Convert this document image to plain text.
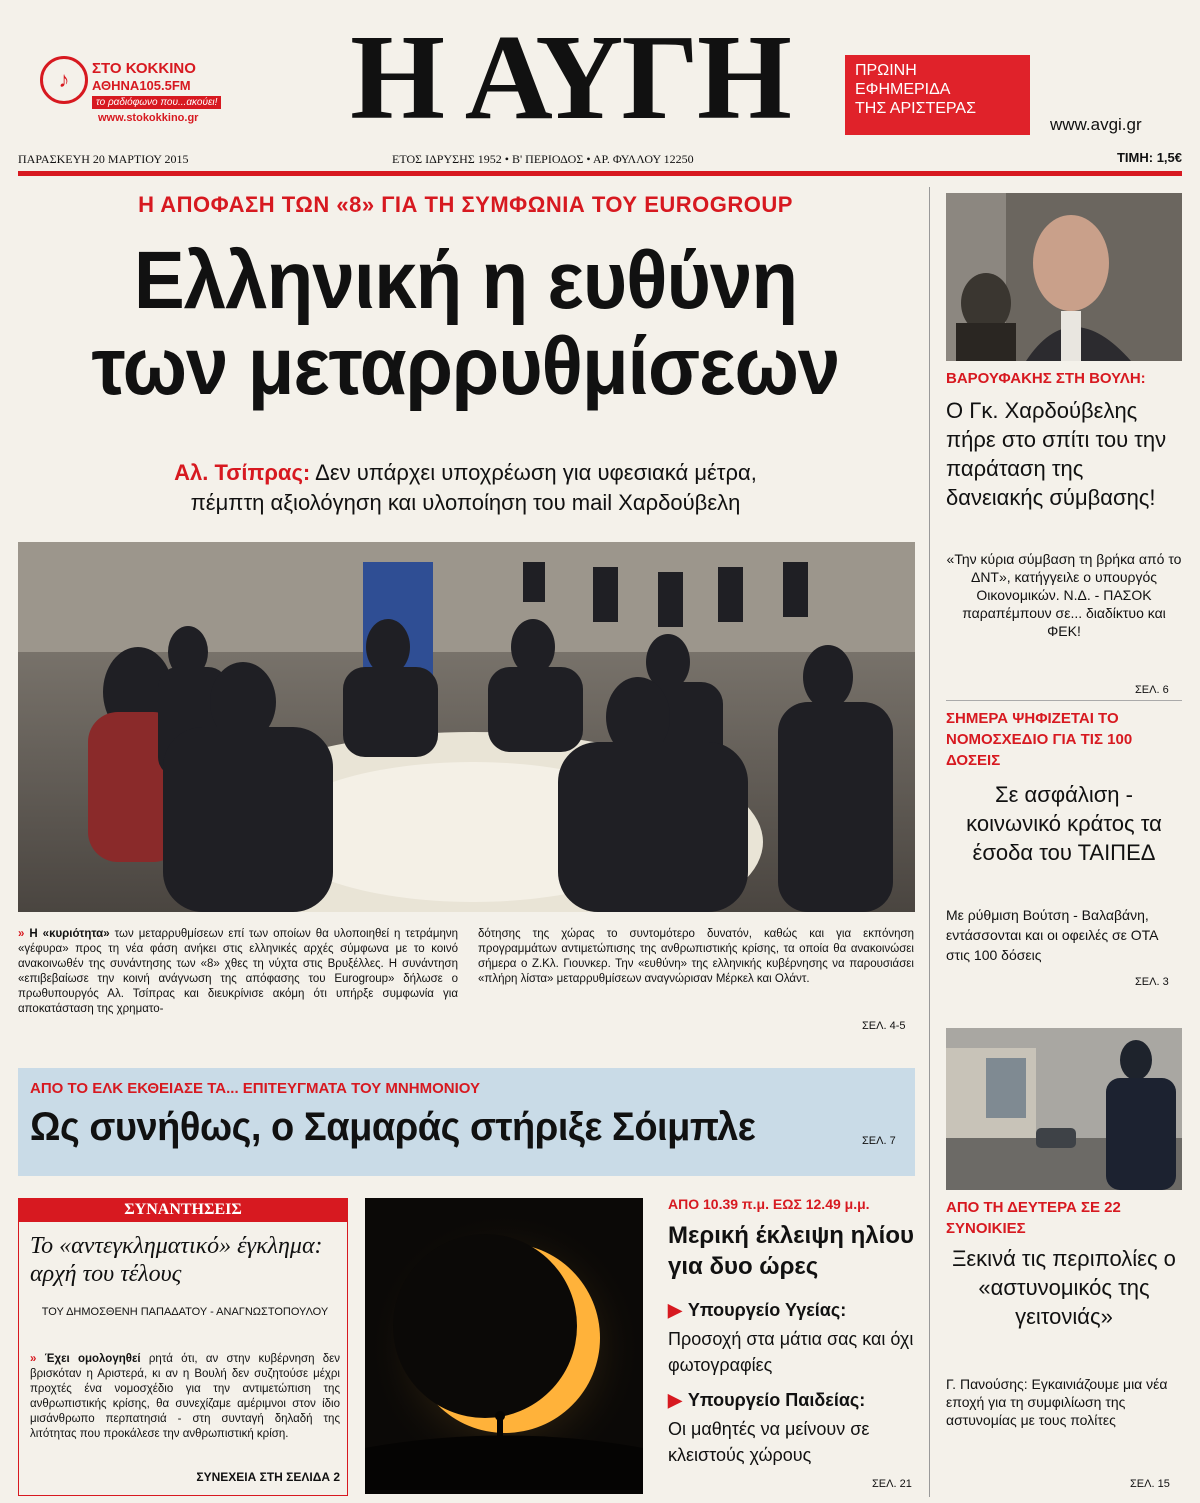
♪	ΣΤΟ ΚΟΚΚΙΝΟ
ΑΘΗΝΑ105.5FM
το ραδιόφωνο που...ακούει!
www.stokokkino.gr	Η ΑΥΓΗ	ΠΡΩΙΝΗ
ΕΦΗΜΕΡΙΔΑ
ΤΗΣ ΑΡΙΣΤΕΡΑΣ
www.avgi.gr
ΠΑΡΑΣΚΕΥΗ 20 ΜΑΡΤΙΟΥ 2015	ΕΤΟΣ ΙΔΡΥΣΗΣ 1952 • Β' ΠΕΡΙΟΔΟΣ • ΑΡ. ΦΥΛΛΟΥ 12250	ΤΙΜΗ: 1,5€
Η ΑΠΟΦΑΣΗ ΤΩΝ «8» ΓΙΑ ΤΗ ΣΥΜΦΩΝΙΑ ΤΟΥ EUROGROUP
Ελληνική η ευθύνη
των μεταρρυθμίσεων
Αλ. Τσίπρας: Δεν υπάρχει υποχρέωση για υφεσιακά μέτρα,
πέμπτη αξιολόγηση και υλοποίηση του mail Χαρδούβελη
» Η «κυριότητα» των μεταρρυθμίσεων επί των οποίων θα υλοποιηθεί η τετράμηνη «γέφυρα» προς τη νέα φάση ανήκει στις ελληνικές αρχές σύμφωνα με το κοινό ανακοινωθέν της συνάντησης των «8» χθες τη νύχτα στις Βρυξέλλες. Η συνάντηση «επιβεβαίωσε την κοινή ανάγνωση της απόφασης του Eurogroup» δήλωσε ο πρωθυπουργός Αλ. Τσίπρας και διευκρίνισε ακόμη ότι υπήρξε συμφωνία για αποκατάσταση της χρηματο-
δότησης της χώρας το συντομότερο δυνατόν, καθώς και για εκπόνηση προγραμμάτων αντιμετώπισης της ανθρωπιστικής κρίσης, τα οποία θα ανακοινώσει σήμερα ο Ζ.Κλ. Γιουνκερ. Την «ευθύνη» της ελληνικής κυβέρνησης να παρουσιάσει «πλήρη λίστα» μεταρρυθμίσεων αναγνώρισαν Μέρκελ και Ολάντ.
ΣΕΛ. 4-5
ΑΠΟ ΤΟ ΕΛΚ ΕΚΘΕΙΑΣΕ ΤΑ... ΕΠΙΤΕΥΓΜΑΤΑ ΤΟΥ ΜΝΗΜΟΝΙΟΥ
Ως συνήθως, ο Σαμαράς στήριξε Σόιμπλε	ΣΕΛ. 7
ΣΥΝΑΝΤΗΣΕΙΣ
Το «αντεγκληματικό» έγκλημα: αρχή του τέλους
ΤΟΥ ΔΗΜΟΣΘΕΝΗ ΠΑΠΑΔΑΤΟΥ - ΑΝΑΓΝΩΣΤΟΠΟΥΛΟΥ
» Έχει ομολογηθεί ρητά ότι, αν στην κυβέρνηση δεν βρισκόταν η Αριστερά, κι αν η Βουλή δεν συζητούσε μέχρι προχτές ένα νομοσχέδιο για την αντιμετώπιση της ανθρωπιστικής κρίσης, θα συνεχίζαμε αμέριμνοι στον ίδιο μισάνθρωπο περπατησιά - στη συνταγή δηλαδή της λιτότητας που προκάλεσε την ανθρωπιστική κρίση.
ΣΥΝΕΧΕΙΑ ΣΤΗ ΣΕΛΙΔΑ 2
ΑΠΟ 10.39 π.μ. ΕΩΣ 12.49 μ.μ.
Μερική έκλειψη ηλίου για δυο ώρες
▶ Υπουργείο Υγείας:
Προσοχή στα μάτια σας και όχι φωτογραφίες
▶ Υπουργείο Παιδείας:
Οι μαθητές να μείνουν σε κλειστούς χώρους
ΣΕΛ. 21
ΒΑΡΟΥΦΑΚΗΣ ΣΤΗ ΒΟΥΛΗ:
Ο Γκ. Χαρδούβελης πήρε στο σπίτι του την παράταση της δανειακής σύμβασης!
«Την κύρια σύμβαση τη βρήκα από το ΔΝΤ», κατήγγειλε ο υπουργός Οικονομικών. Ν.Δ. - ΠΑΣΟΚ παραπέμπουν σε... διαδίκτυο και ΦΕΚ!
ΣΕΛ. 6
ΣΗΜΕΡΑ ΨΗΦΙΖΕΤΑΙ ΤΟ ΝΟΜΟΣΧΕΔΙΟ ΓΙΑ ΤΙΣ 100 ΔΟΣΕΙΣ
Σε ασφάλιση - κοινωνικό κράτος τα έσοδα του ΤΑΙΠΕΔ
Με ρύθμιση Βούτση - Βαλαβάνη, εντάσσονται και οι οφειλές σε ΟΤΑ στις 100 δόσεις
ΣΕΛ. 3
ΑΠΟ ΤΗ ΔΕΥΤΕΡΑ ΣΕ 22 ΣΥΝΟΙΚΙΕΣ
Ξεκινά τις περιπολίες ο «αστυνομικός της γειτονιάς»
Γ. Πανούσης: Εγκαινιάζουμε μια νέα εποχή για τη συμφιλίωση της αστυνομίας με τους πολίτες
ΣΕΛ. 15
